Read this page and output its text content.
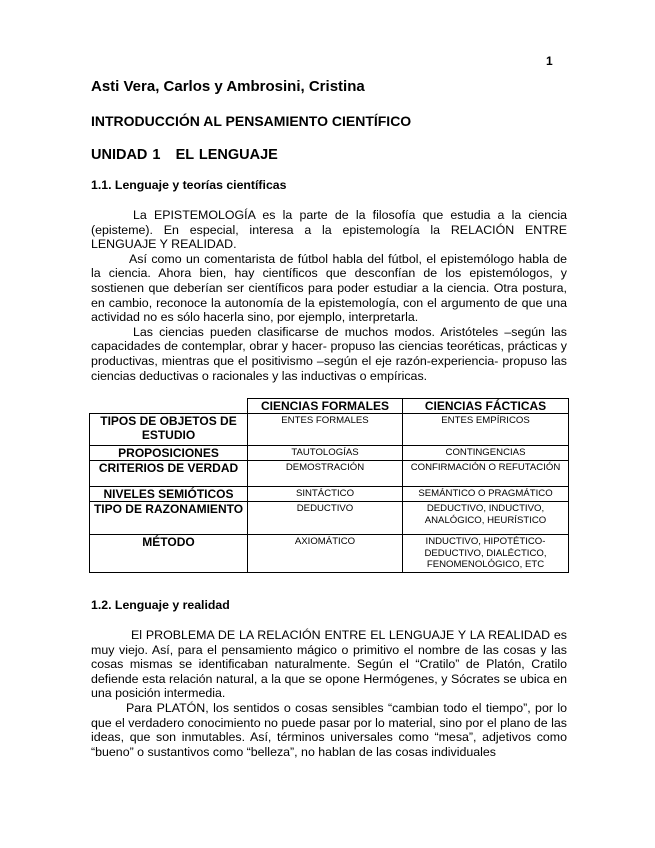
1
Asti Vera, Carlos y Ambrosini, Cristina
INTRODUCCIÓN AL PENSAMIENTO CIENTÍFICO
UNIDAD 1   EL LENGUAJE
1.1. Lenguaje y teorías científicas

La EPISTEMOLOGÍA es la parte de la filosofía que estudia a la ciencia (episteme). En especial, interesa a la epistemología la RELACIÓN ENTRE LENGUAJE Y REALIDAD.

Así como un comentarista de fútbol habla del fútbol, el epistemólogo habla de la ciencia. Ahora bien, hay científicos que desconfían de los epistemólogos, y sostienen que deberían ser científicos para poder estudiar a la ciencia. Otra postura, en cambio, reconoce la autonomía de la epistemología, con el argumento de que una actividad no es sólo hacerla sino, por ejemplo, interpretarla.

Las ciencias pueden clasificarse de muchos modos. Aristóteles –según las capacidades de contemplar, obrar y hacer- propuso las ciencias teoréticas, prácticas y productivas, mientras que el positivismo –según el eje razón-experiencia- propuso las ciencias deductivas o racionales y las inductivas o empíricas.

	CIENCIAS FORMALES	CIENCIAS FÁCTICAS
TIPOS DE OBJETOS DE ESTUDIO	ENTES FORMALES	ENTES EMPÍRICOS
PROPOSICIONES	TAUTOLOGÍAS	CONTINGENCIAS
CRITERIOS DE VERDAD	DEMOSTRACIÓN	CONFIRMACIÓN O REFUTACIÓN
NIVELES SEMIÓTICOS	SINTÁCTICO	SEMÁNTICO O PRAGMÁTICO
TIPO DE RAZONAMIENTO	DEDUCTIVO	DEDUCTIVO, INDUCTIVO, ANALÓGICO, HEURÍSTICO
MÉTODO	AXIOMÁTICO	INDUCTIVO, HIPOTÉTICO-DEDUCTIVO, DIALÉCTICO, FENOMENOLÓGICO, ETC
1.2. Lenguaje y realidad

El PROBLEMA DE LA RELACIÓN ENTRE EL LENGUAJE Y LA REALIDAD es muy viejo. Así, para el pensamiento mágico o primitivo el nombre de las cosas y las cosas mismas se identificaban naturalmente. Según el “Cratilo” de Platón, Cratilo defiende esta relación natural, a la que se opone Hermógenes, y Sócrates se ubica en una posición intermedia.

Para PLATÓN, los sentidos o cosas sensibles “cambian todo el tiempo”, por lo que el verdadero conocimiento no puede pasar por lo material, sino por el plano de las ideas, que son inmutables. Así, términos universales como “mesa”, adjetivos como “bueno” o sustantivos como “belleza”, no hablan de las cosas individuales
